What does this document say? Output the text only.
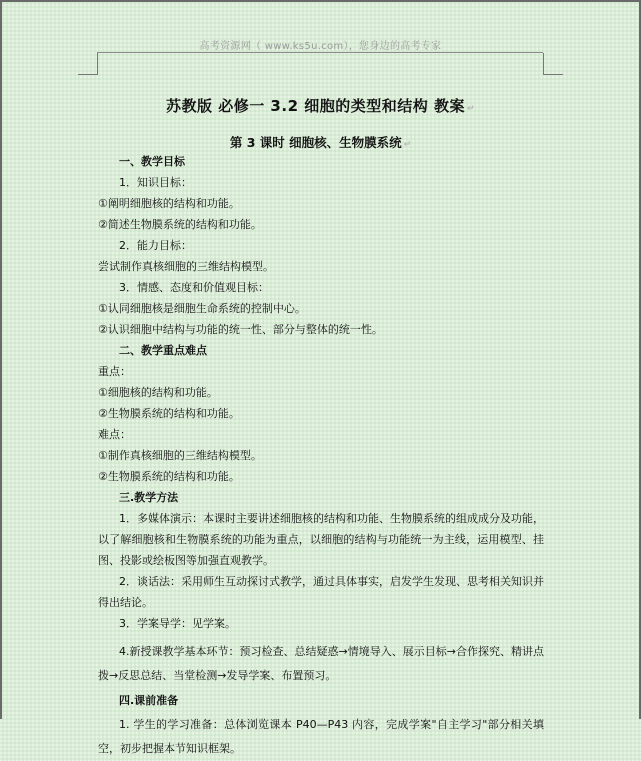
高考资源网（ www.ks5u.com），您身边的高考专家
苏教版 必修一 3.2 细胞的类型和结构 教案 ↵
第 3 课时 细胞核、生物膜系统 ↵
一、教学目标
1．知识目标：
①阐明细胞核的结构和功能。
②简述生物膜系统的结构和功能。
2．能力目标：
尝试制作真核细胞的三维结构模型。
3．情感、态度和价值观目标：
①认同细胞核是细胞生命系统的控制中心。
②认识细胞中结构与功能的统一性、部分与整体的统一性。
二、教学重点难点
重点：
①细胞核的结构和功能。
②生物膜系统的结构和功能。
难点：
①制作真核细胞的三维结构模型。
②生物膜系统的结构和功能。
三.教学方法
1．多媒体演示：本课时主要讲述细胞核的结构和功能、生物膜系统的组成成分及功能，以了解细胞核和生物膜系统的功能为重点，以细胞的结构与功能统一为主线，运用模型、挂图、投影或绘板图等加强直观教学。
2．谈话法：采用师生互动探讨式教学，通过具体事实，启发学生发现、思考相关知识并得出结论。
3．学案导学：见学案。
4.新授课教学基本环节：预习检查、总结疑惑→情境导入、展示目标→合作探究、精讲点拨→反思总结、当堂检测→发导学案、布置预习。
四.课前准备
1. 学生的学习准备：总体浏览课本 P40—P43 内容，完成学案"自主学习"部分相关填空，初步把握本节知识框架。
